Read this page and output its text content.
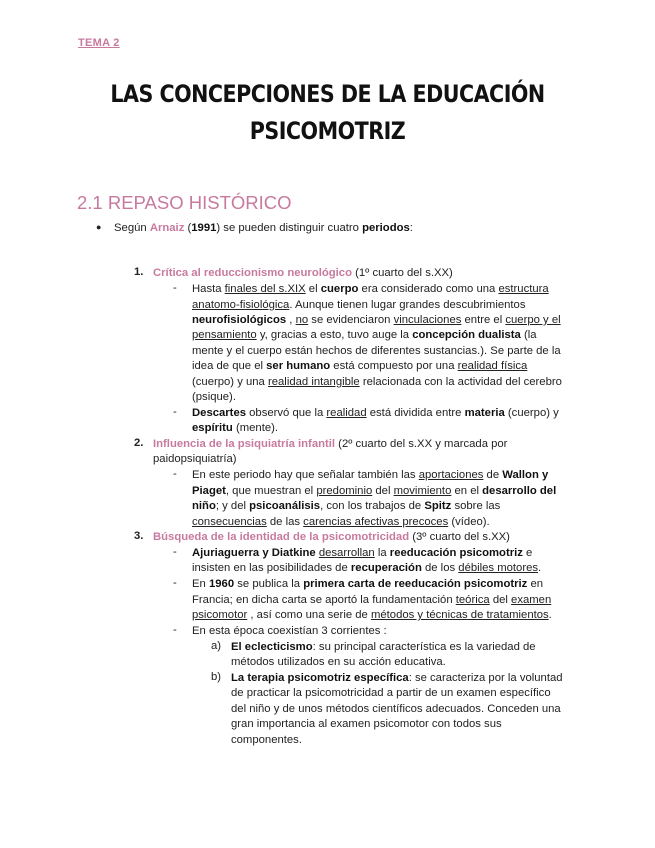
TEMA 2
LAS CONCEPCIONES DE LA EDUCACIÓN
PSICOMOTRIZ
2.1 REPASO HISTÓRICO
● Según Arnaiz (1991) se pueden distinguir cuatro periodos:
1. Crítica al reduccionismo neurológico (1º cuarto del s.XX)
- Hasta finales del s.XIX el cuerpo era considerado como una estructura
anatomo-fisiológica. Aunque tienen lugar grandes descubrimientos
neurofisiológicos , no se evidenciaron vinculaciones entre el cuerpo y el
pensamiento y, gracias a esto, tuvo auge la concepción dualista (la
mente y el cuerpo están hechos de diferentes sustancias.). Se parte de la
idea de que el ser humano está compuesto por una realidad física
(cuerpo) y una realidad intangible relacionada con la actividad del cerebro
(psique).
- Descartes observó que la realidad está dividida entre materia (cuerpo) y
espíritu (mente).
2. Influencia de la psiquiatría infantil (2º cuarto del s.XX y marcada por
paidopsiquiatría)
- En este periodo hay que señalar también las aportaciones de Wallon y
Piaget, que muestran el predominio del movimiento en el desarrollo del
niño; y del psicoanálisis, con los trabajos de Spitz sobre las
consecuencias de las carencias afectivas precoces (vídeo).
3. Búsqueda de la identidad de la psicomotricidad (3º cuarto del s.XX)
- Ajuriaguerra y Diatkine desarrollan la reeducación psicomotriz e
insisten en las posibilidades de recuperación de los débiles motores.
- En 1960 se publica la primera carta de reeducación psicomotriz en
Francia; en dicha carta se aportó la fundamentación teórica del examen
psicomotor , así como una serie de métodos y técnicas de tratamientos.
- En esta época coexistían 3 corrientes :
a) El eclecticismo: su principal característica es la variedad de
métodos utilizados en su acción educativa.
b) La terapia psicomotriz específica: se caracteriza por la voluntad
de practicar la psicomotricidad a partir de un examen específico
del niño y de unos métodos científicos adecuados. Conceden una
gran importancia al examen psicomotor con todos sus
componentes.
